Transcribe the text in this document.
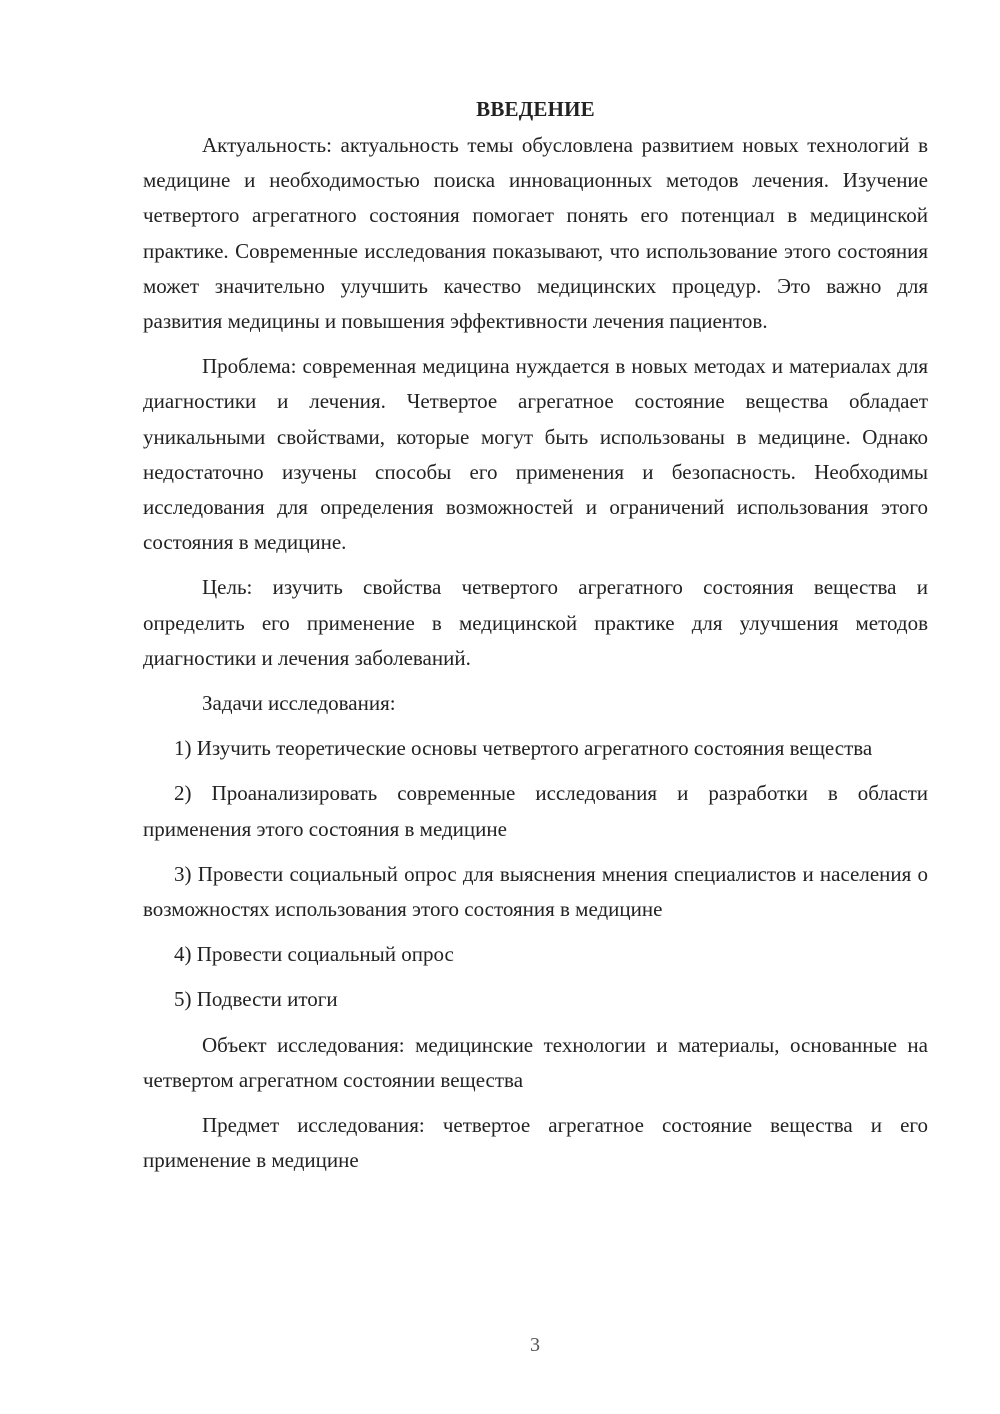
ВВЕДЕНИЕ

Актуальность: актуальность темы обусловлена развитием новых технологий в медицине и необходимостью поиска инновационных методов лечения. Изучение четвертого агрегатного состояния помогает понять его потенциал в медицинской практике. Современные исследования показывают, что использование этого состояния может значительно улучшить качество медицинских процедур. Это важно для развития медицины и повышения эффективности лечения пациентов.

Проблема: современная медицина нуждается в новых методах и материалах для диагностики и лечения. Четвертое агрегатное состояние вещества обладает уникальными свойствами, которые могут быть использованы в медицине. Однако недостаточно изучены способы его применения и безопасность. Необходимы исследования для определения возможностей и ограничений использования этого состояния в медицине.

Цель: изучить свойства четвертого агрегатного состояния вещества и определить его применение в медицинской практике для улучшения методов диагностики и лечения заболеваний.

Задачи исследования:

1) Изучить теоретические основы четвертого агрегатного состояния вещества

2) Проанализировать современные исследования и разработки в области применения этого состояния в медицине

3) Провести социальный опрос для выяснения мнения специалистов и населения о возможностях использования этого состояния в медицине

4) Провести социальный опрос

5) Подвести итоги

Объект исследования: медицинские технологии и материалы, основанные на четвертом агрегатном состоянии вещества

Предмет исследования: четвертое агрегатное состояние вещества и его применение в медицине

3
